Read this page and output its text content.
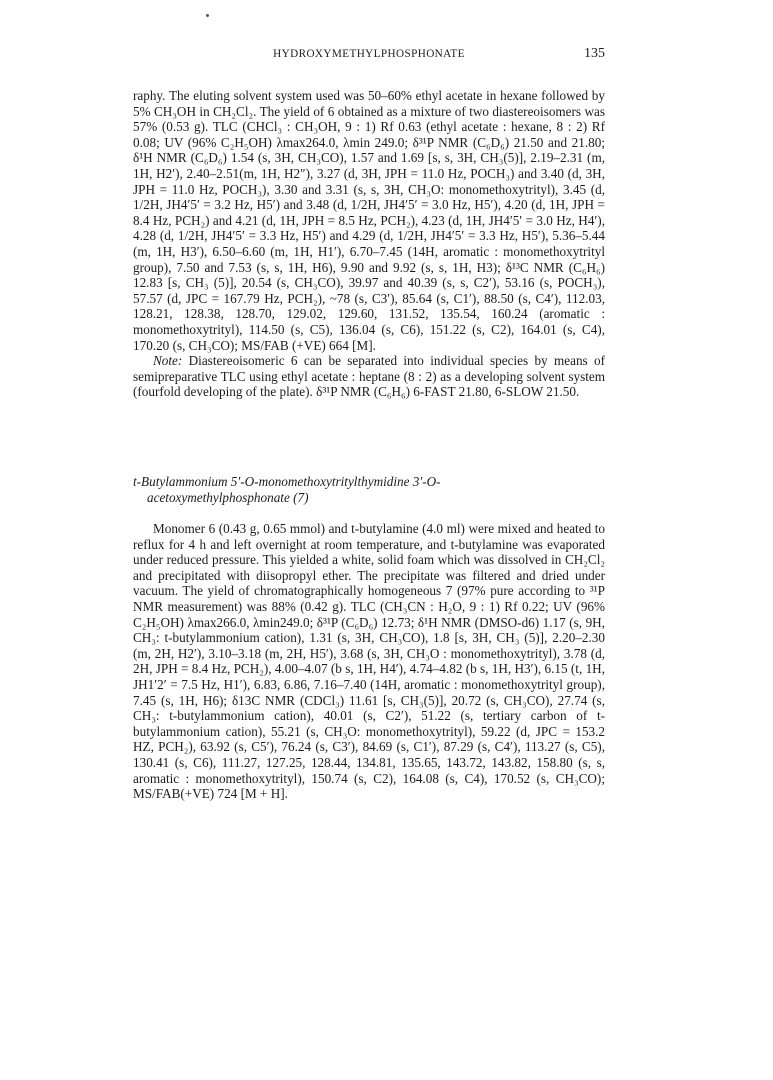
HYDROXYMETHYLPHOSPHONATE	135

raphy. The eluting solvent system used was 50–60% ethyl acetate in hexane followed by 5% CH₃OH in CH₂Cl₂. The yield of 6 obtained as a mixture of two diastereoisomers was 57% (0.53 g). TLC (CHCl₃ : CH₃OH, 9 : 1) Rf 0.63 (ethyl acetate : hexane, 8 : 2) Rf 0.08; UV (96% C₂H₅OH) λmax264.0, λmin 249.0; δ³¹P NMR (C₆D₆) 21.50 and 21.80; δ¹H NMR (C₆D₆) 1.54 (s, 3H, CH₃CO), 1.57 and 1.69 [s, s, 3H, CH₃(5)], 2.19–2.31 (m, 1H, H2′), 2.40–2.51(m, 1H, H2″), 3.27 (d, 3H, JPH = 11.0 Hz, POCH₃) and 3.40 (d, 3H, JPH = 11.0 Hz, POCH₃), 3.30 and 3.31 (s, s, 3H, CH₃O: monomethoxytrityl), 3.45 (d, 1/2H, JH4′5′ = 3.2 Hz, H5′) and 3.48 (d, 1/2H, JH4′5′ = 3.0 Hz, H5′), 4.20 (d, 1H, JPH = 8.4 Hz, PCH₂) and 4.21 (d, 1H, JPH = 8.5 Hz, PCH₂), 4.23 (d, 1H, JH4′5′ = 3.0 Hz, H4′), 4.28 (d, 1/2H, JH4′5′ = 3.3 Hz, H5′) and 4.29 (d, 1/2H, JH4′5′ = 3.3 Hz, H5′), 5.36–5.44 (m, 1H, H3′), 6.50–6.60 (m, 1H, H1′), 6.70–7.45 (14H, aromatic : monomethoxytrityl group), 7.50 and 7.53 (s, s, 1H, H6), 9.90 and 9.92 (s, s, 1H, H3); δ¹³C NMR (C₆H₆) 12.83 [s, CH₃ (5)], 20.54 (s, CH₃CO), 39.97 and 40.39 (s, s, C2′), 53.16 (s, POCH₃), 57.57 (d, JPC = 167.79 Hz, PCH₂), ~78 (s, C3′), 85.64 (s, C1′), 88.50 (s, C4′), 112.03, 128.21, 128.38, 128.70, 129.02, 129.60, 131.52, 135.54, 160.24 (aromatic : monomethoxytrityl), 114.50 (s, C5), 136.04 (s, C6), 151.22 (s, C2), 164.01 (s, C4), 170.20 (s, CH₃CO); MS/FAB (+VE) 664 [M].

Note: Diastereoisomeric 6 can be separated into individual species by means of semipreparative TLC using ethyl acetate : heptane (8 : 2) as a developing solvent system (fourfold developing of the plate). δ³¹P NMR (C₆H₆) 6-FAST 21.80, 6-SLOW 21.50.

t-Butylammonium 5′-O-monomethoxytritylthymidine 3′-O-
acetoxymethylphosphonate (7)

Monomer 6 (0.43 g, 0.65 mmol) and t-butylamine (4.0 ml) were mixed and heated to reflux for 4 h and left overnight at room temperature, and t-butylamine was evaporated under reduced pressure. This yielded a white, solid foam which was dissolved in CH₂Cl₂ and precipitated with diisopropyl ether. The precipitate was filtered and dried under vacuum. The yield of chromatographically homogeneous 7 (97% pure according to ³¹P NMR measurement) was 88% (0.42 g). TLC (CH₃CN : H₂O, 9 : 1) Rf 0.22; UV (96% C₂H₅OH) λmax266.0, λmin249.0; δ³¹P (C₆D₆) 12.73; δ¹H NMR (DMSO-d6) 1.17 (s, 9H, CH₃: t-butylammonium cation), 1.31 (s, 3H, CH₃CO), 1.8 [s, 3H, CH₃ (5)], 2.20–2.30 (m, 2H, H2′), 3.10–3.18 (m, 2H, H5′), 3.68 (s, 3H, CH₃O : monomethoxytrityl), 3.78 (d, 2H, JPH = 8.4 Hz, PCH₂), 4.00–4.07 (b s, 1H, H4′), 4.74–4.82 (b s, 1H, H3′), 6.15 (t, 1H, JH1′2′ = 7.5 Hz, H1′), 6.83, 6.86, 7.16–7.40 (14H, aromatic : monomethoxytrityl group), 7.45 (s, 1H, H6); δ13C NMR (CDCl₃) 11.61 [s, CH₃(5)], 20.72 (s, CH₃CO), 27.74 (s, CH₃: t-butylammonium cation), 40.01 (s, C2′), 51.22 (s, tertiary carbon of t-butylammonium cation), 55.21 (s, CH₃O: monomethoxytrityl), 59.22 (d, JPC = 153.2 HZ, PCH₂), 63.92 (s, C5′), 76.24 (s, C3′), 84.69 (s, C1′), 87.29 (s, C4′), 113.27 (s, C5), 130.41 (s, C6), 111.27, 127.25, 128.44, 134.81, 135.65, 143.72, 143.82, 158.80 (s, s, aromatic : monomethoxytrityl), 150.74 (s, C2), 164.08 (s, C4), 170.52 (s, CH₃CO); MS/FAB(+VE) 724 [M + H].
